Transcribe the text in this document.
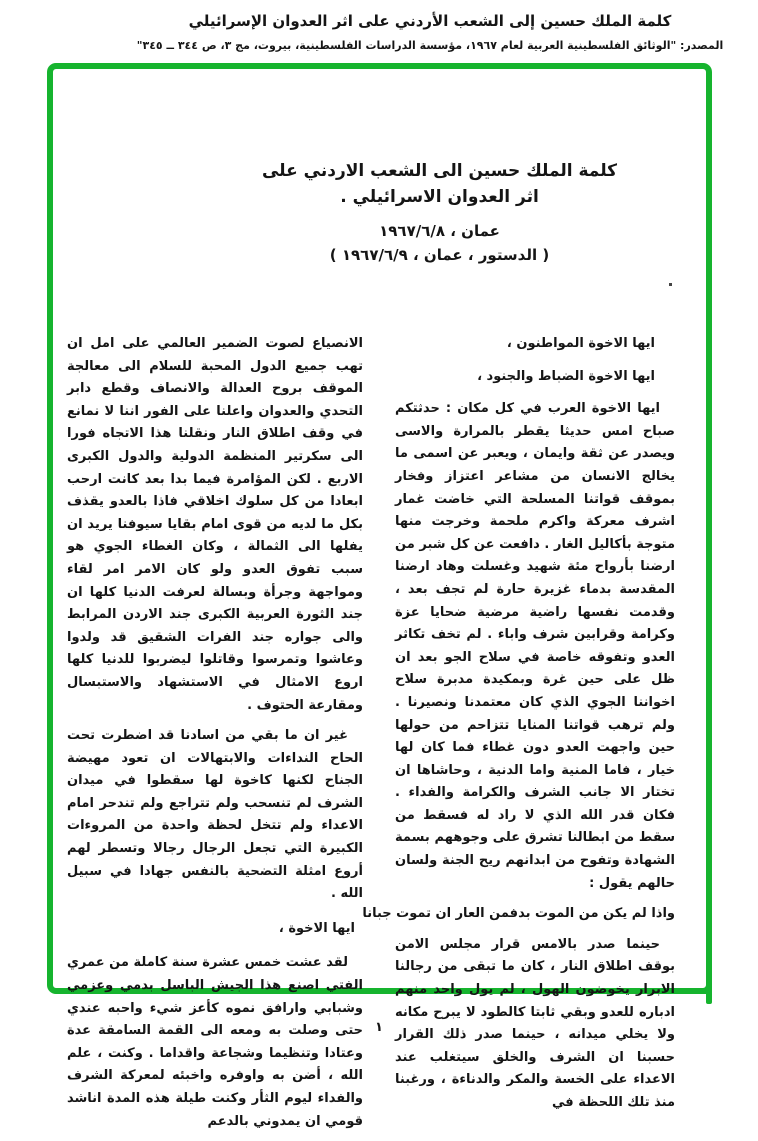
كلمة الملك حسين إلى الشعب الأردني على اثر العدوان الإسرائيلي
المصدر: "الوثائق الفلسطينية العربية لعام ١٩٦٧، مؤسسة الدراسات الفلسطينية، بيروت، مج ٣، ص ٣٤٤ ــ ٣٤٥"
كلمة الملك حسين الى الشعب الاردني على
اثر العدوان الاسرائيلي .
عمان ، ١٩٦٧/٦/٨
( الدستور ، عمان ، ١٩٦٧/٦/٩ )
ايها الاخوة المواطنون ،
ايها الاخوة الضباط والجنود ،

ايها الاخوة العرب في كل مكان : حدثتكم صباح امس حديثا يقطر بالمرارة والاسى ويصدر عن ثقة وايمان ، ويعبر عن اسمى ما يخالج الانسان من مشاعر اعتزاز وفخار بموقف قواتنا المسلحة التي خاضت غمار اشرف معركة واكرم ملحمة وخرجت منها متوجة بأكاليل الغار . دافعت عن كل شبر من ارضنا بأرواح مئة شهيد وغسلت وهاد ارضنا المقدسة بدماء غزيرة حارة لم تجف بعد ، وقدمت نفسها راضية مرضية ضحايا عزة وكرامة وقرابين شرف واباء . لم تخف تكاثر العدو وتفوقه خاصة في سلاح الجو بعد ان ظل على حين غرة وبمكيدة مدبرة سلاح اخواننا الجوي الذي كان معتمدنا ونصيرنا . ولم ترهب قواتنا المنايا تتزاحم من حولها حين واجهت العدو دون غطاء فما كان لها خيار ، فاما المنية واما الدنية ، وحاشاها ان تختار الا جانب الشرف والكرامة والفداء . فكان قدر الله الذي لا راد له فسقط من سقط من ابطالنا تشرق على وجوههم بسمة الشهادة وتفوح من ابدانهم ريح الجنة ولسان حالهم يقول :

واذا لم يكن من الموت بد
فمن العار ان تموت جبانا

حينما صدر بالامس قرار مجلس الامن بوقف اطلاق النار ، كان ما تبقى من رجالنا الابرار يخوضون الهول ، لم يول واحد منهم ادباره للعدو وبقي ثابتا كالطود لا يبرح مكانه ولا يخلي ميدانه ، حينما صدر ذلك القرار حسبنا ان الشرف والخلق سيتغلب عند الاعداء على الخسة والمكر والدناءة ، ورغبنا منذ تلك اللحظة في

الانصياع لصوت الضمير العالمي على امل ان تهب جميع الدول المحبة للسلام الى معالجة الموقف بروح العدالة والانصاف وقطع دابر التحدي والعدوان واعلنا على الفور اننا لا نمانع في وقف اطلاق النار ونقلنا هذا الاتجاه فورا الى سكرتير المنظمة الدولية والدول الكبرى الاربع . لكن المؤامرة فيما بدا بعد كانت ارحب ابعادا من كل سلوك اخلاقي فاذا بالعدو يقذف بكل ما لديه من قوى امام بقايا سيوفنا يريد ان يفلها الى الثمالة ، وكان الغطاء الجوي هو سبب تفوق العدو ولو كان الامر امر لقاء ومواجهة وجرأة وبسالة لعرفت الدنيا كلها ان جند الثورة العربية الكبرى جند الاردن المرابط والى جواره جند الفرات الشقيق قد ولدوا وعاشوا وتمرسوا وقاتلوا ليضربوا للدنيا كلها اروع الامثال في الاستشهاد والاستبسال ومقارعة الحتوف .

غير ان ما بقي من اسادنا قد اضطرت تحت الحاح النداءات والابتهالات ان تعود مهيضة الجناح لكنها كاخوة لها سقطوا في ميدان الشرف لم تنسحب ولم تتراجع ولم تندحر امام الاعداء ولم تتخل لحظة واحدة من المروءات الكبيرة التي تجعل الرجال رجالا وتسطر لهم أروع امثلة التضحية بالنفس جهادا في سبيل الله .

ايها الاخوة ،

لقد عشت خمس عشرة سنة كاملة من عمري الفتي اصنع هذا الجيش الباسل بدمي وعزمي وشبابي وارافق نموه كأعز شيء واحبه عندي حتى وصلت به ومعه الى القمة السامقة عدة وعتادا وتنظيما وشجاعة واقداما . وكنت ، علم الله ، أضن به واوفره واخبئه لمعركة الشرف والفداء ليوم الثأر وكنت طيلة هذه المدة اناشد قومي ان يمدوني بالدعم

١
